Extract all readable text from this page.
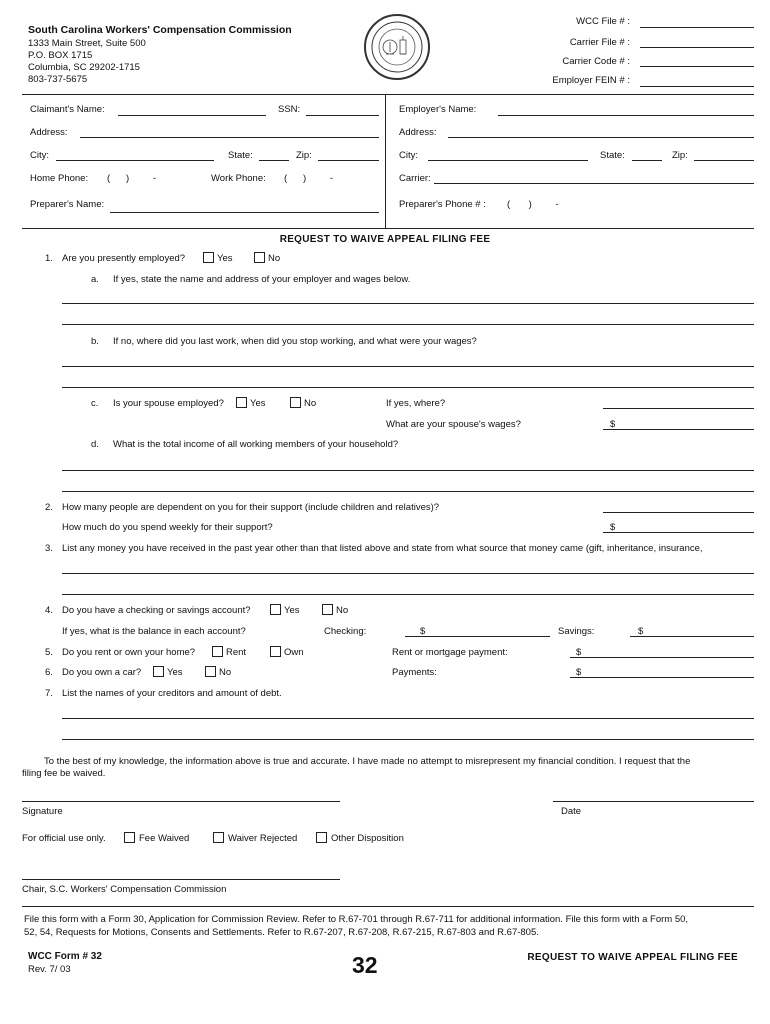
South Carolina Workers' Compensation Commission
1333 Main Street, Suite 500
P.O. BOX 1715
Columbia, SC 29202-1715
803-737-5675
WCC File # :
Carrier File # :
Carrier Code # :
Employer FEIN # :
Claimant's Name:	SSN:
Address:
City:	State:	Zip:
Home Phone: (      )         -	Work Phone: (      )         -
Preparer's Name:
Employer's Name:
Address:
City:	State:	Zip:
Carrier:
Preparer's Phone # : (       )         -
REQUEST TO WAIVE APPEAL FILING FEE
1. Are you presently employed?	Yes	No
a. If yes, state the name and address of your employer and wages below.
b. If no, where did you last work, when did you stop working, and what were your wages?
c. Is your spouse employed?	Yes	No	If yes, where?
What are your spouse's wages?	$
d. What is the total income of all working members of your household?
2. How many people are dependent on you for their support (include children and relatives)?
How much do you spend weekly for their support?	$
3. List any money you have received in the past year other than that listed above and state from what source that money came (gift, inheritance, insurance,
4. Do you have a checking or savings account?	Yes	No
If yes, what is the balance in each account?	Checking:	$	Savings:	$
5. Do you rent or own your home?	Rent	Own	Rent or mortgage payment:	$
6. Do you own a car?	Yes	No	Payments:	$
7. List the names of your creditors and amount of debt.
To the best of my knowledge, the information above is true and accurate. I have made no attempt to misrepresent my financial condition. I request that the
filing fee be waived.
Signature	Date
For official use only.	Fee Waived	Waiver Rejected	Other Disposition
Chair, S.C. Workers' Compensation Commission
File this form with a Form 30, Application for Commission Review. Refer to R.67-701 through R.67-711 for additional information. File this form with a Form 50,
52, 54, Requests for Motions, Consents and Settlements. Refer to R.67-207, R.67-208, R.67-215, R.67-803 and R.67-805.
WCC Form # 32
Rev. 7/ 03	32	REQUEST TO WAIVE APPEAL FILING FEE
